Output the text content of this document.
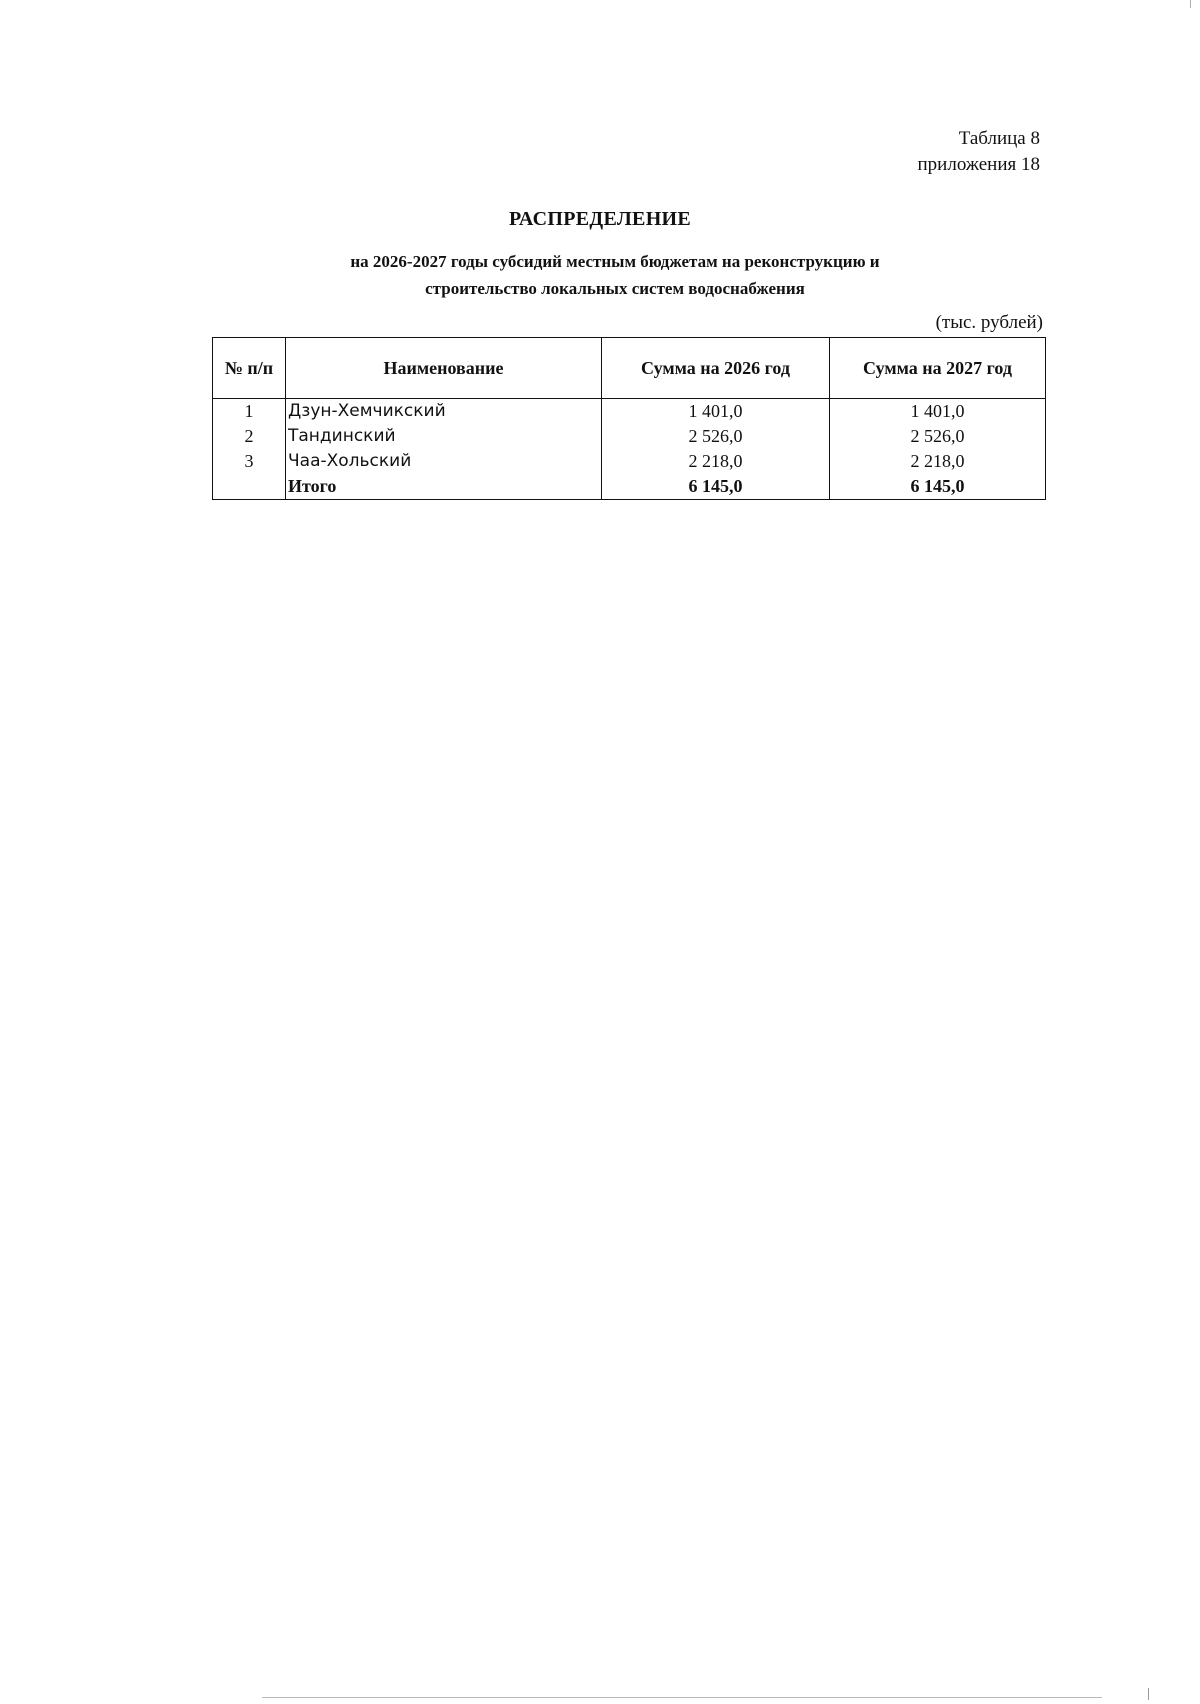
Таблица 8
приложения 18
РАСПРЕДЕЛЕНИЕ
на 2026-2027 годы субсидий местным бюджетам на реконструкцию и
строительство локальных систем водоснабжения
(тыс. рублей)
№ п/п	Наименование	Сумма на 2026 год	Сумма на 2027 год
1	Дзун-Хемчикский	1 401,0	1 401,0
2	Тандинский	2 526,0	2 526,0
3	Чаа-Хольский	2 218,0	2 218,0
	Итого	6 145,0	6 145,0
